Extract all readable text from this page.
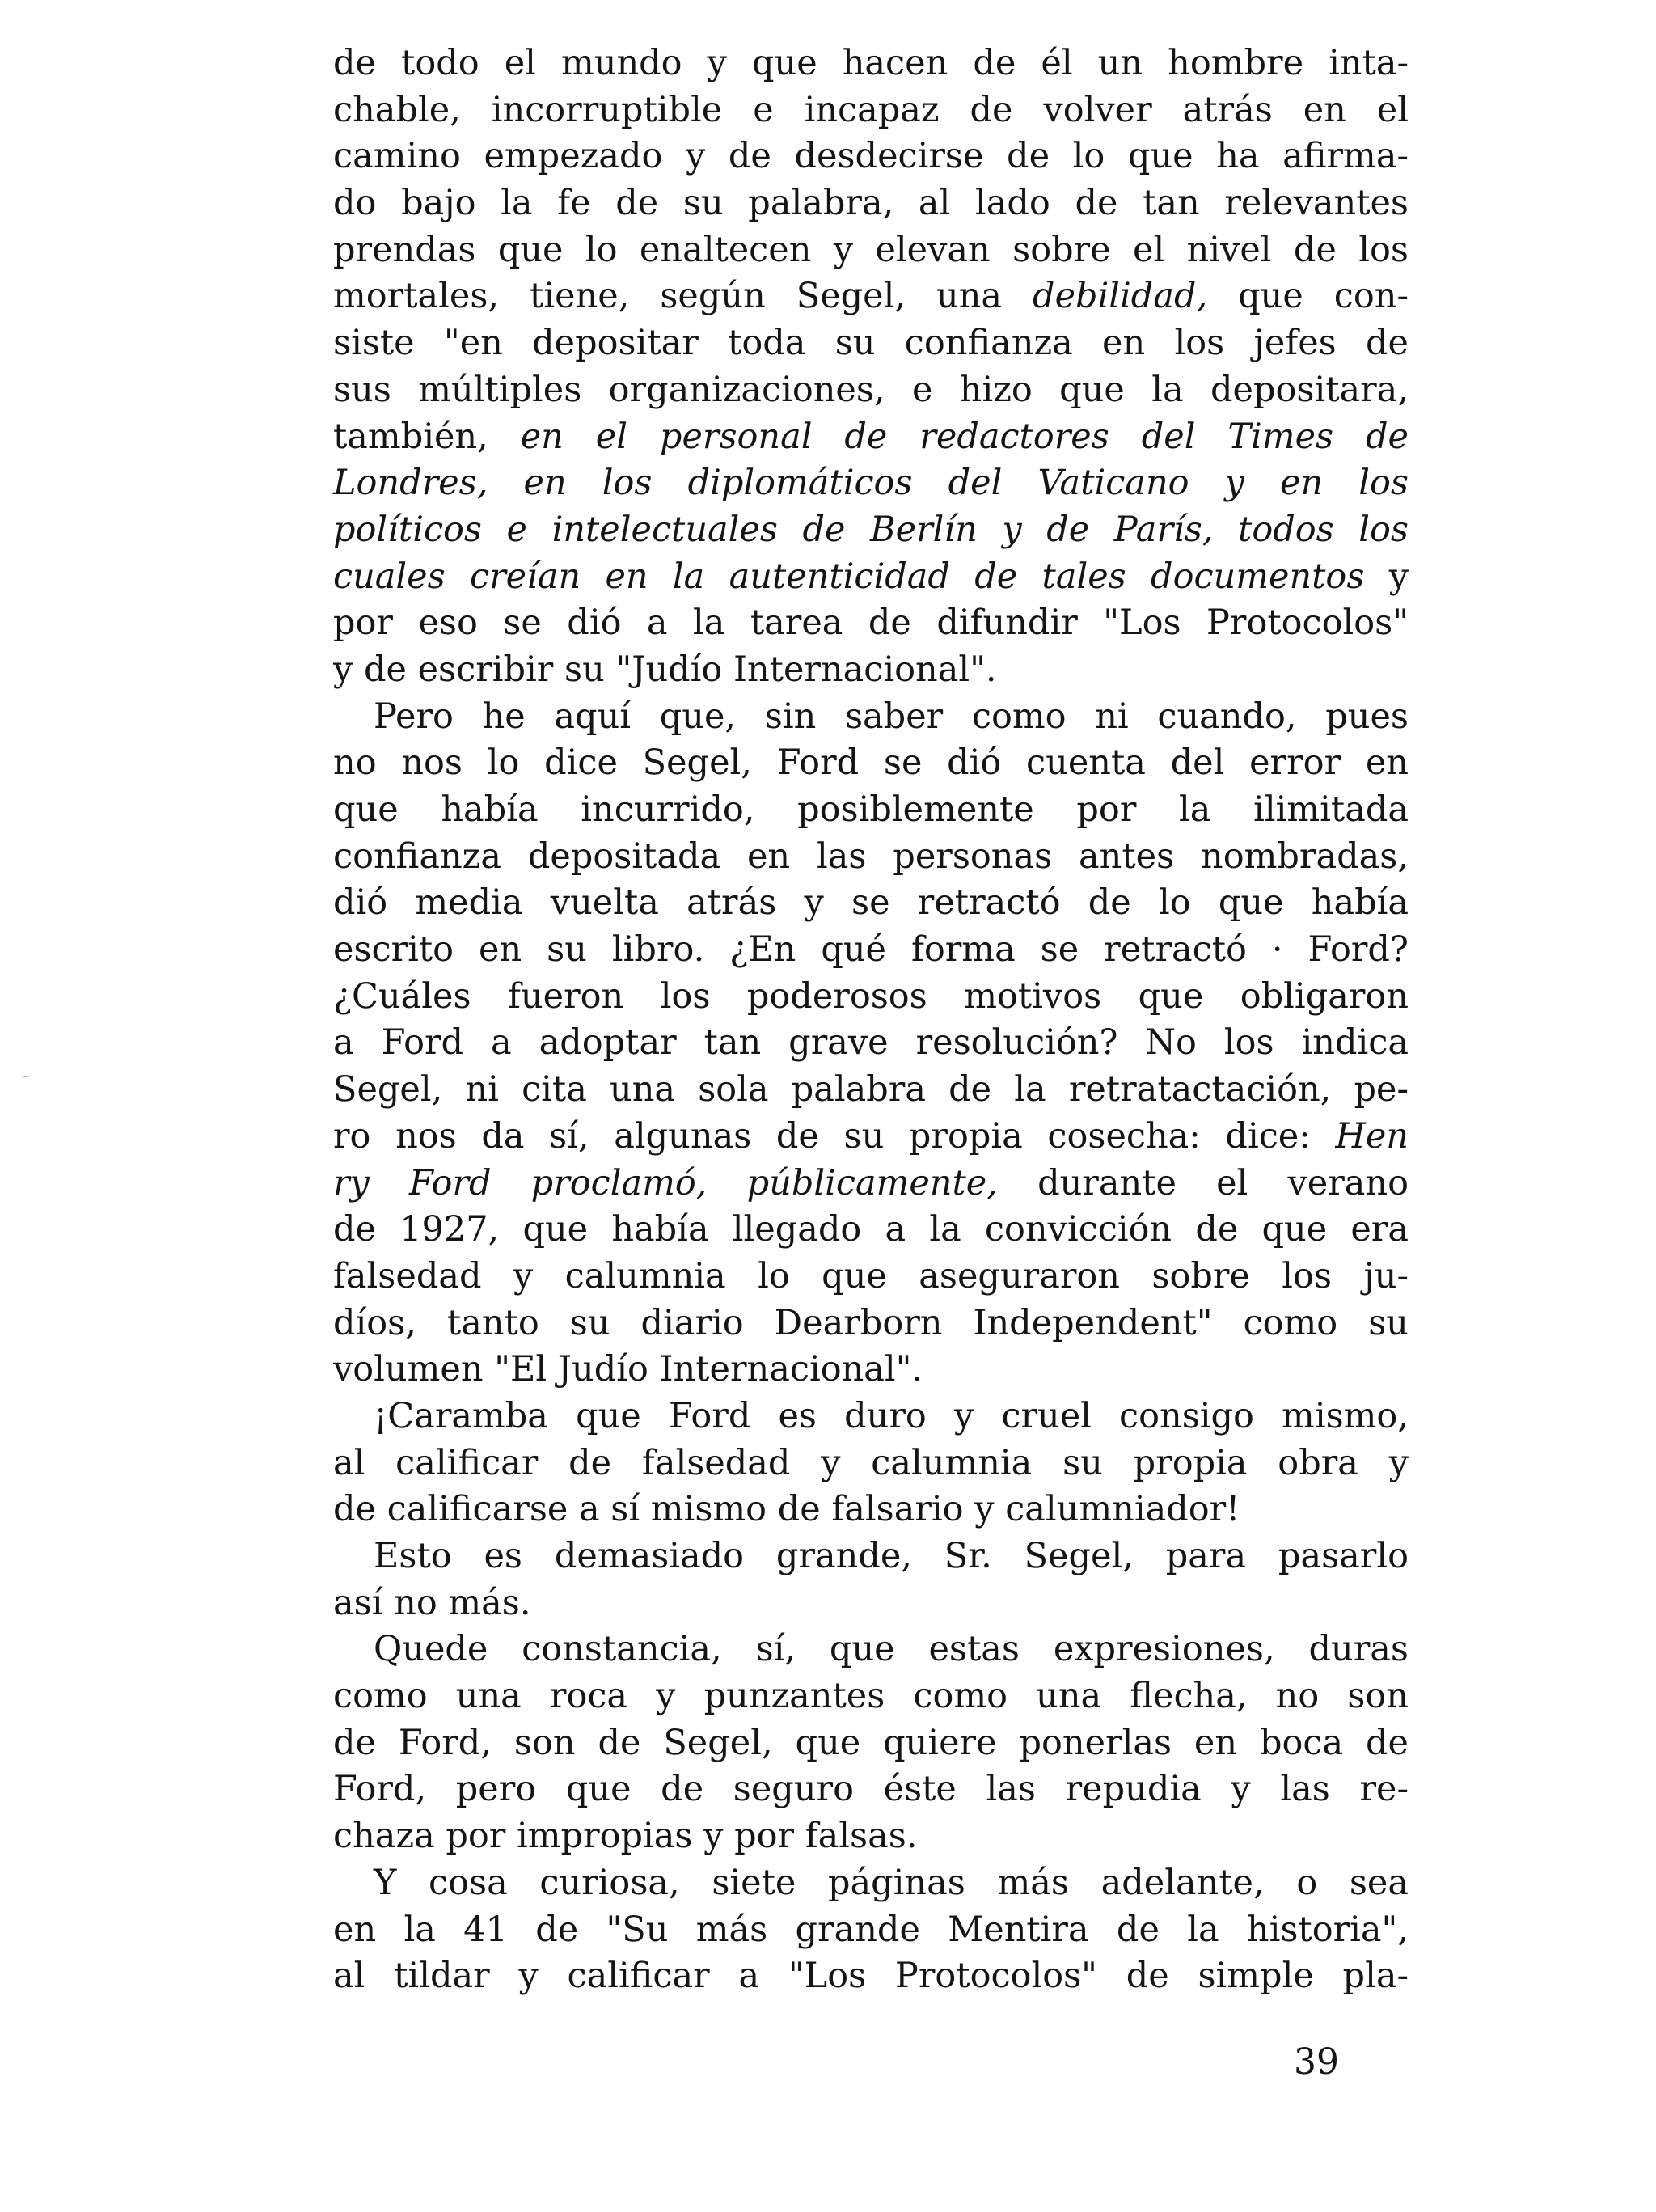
de todo el mundo y que hacen de él un hombre inta-
chable, incorruptible e incapaz de volver atrás en el
camino empezado y de desdecirse de lo que ha afirma-
do bajo la fe de su palabra, al lado de tan relevantes
prendas que lo enaltecen y elevan sobre el nivel de los
mortales, tiene, según Segel, una debilidad, que con-
siste "en depositar toda su confianza en los jefes de
sus múltiples organizaciones, e hizo que la depositara,
también, en el personal de redactores del Times de
Londres, en los diplomáticos del Vaticano y en los
políticos e intelectuales de Berlín y de París, todos los
cuales creían en la autenticidad de tales documentos y
por eso se dió a la tarea de difundir "Los Protocolos"
y de escribir su "Judío Internacional".
Pero he aquí que, sin saber como ni cuando, pues
no nos lo dice Segel, Ford se dió cuenta del error en
que había incurrido, posiblemente por la ilimitada
confianza depositada en las personas antes nombradas,
dió media vuelta atrás y se retractó de lo que había
escrito en su libro. ¿En qué forma se retractó · Ford?
¿Cuáles fueron los poderosos motivos que obligaron
a Ford a adoptar tan grave resolución? No los indica
Segel, ni cita una sola palabra de la retratactación, pe-
ro nos da sí, algunas de su propia cosecha: dice: Hen
ry Ford proclamó, públicamente, durante el verano
de 1927, que había llegado a la convicción de que era
falsedad y calumnia lo que aseguraron sobre los ju-
díos, tanto su diario Dearborn Independent" como su
volumen "El Judío Internacional".
¡Caramba que Ford es duro y cruel consigo mismo,
al calificar de falsedad y calumnia su propia obra y
de calificarse a sí mismo de falsario y calumniador!
Esto es demasiado grande, Sr. Segel, para pasarlo
así no más.
Quede constancia, sí, que estas expresiones, duras
como una roca y punzantes como una flecha, no son
de Ford, son de Segel, que quiere ponerlas en boca de
Ford, pero que de seguro éste las repudia y las re-
chaza por impropias y por falsas.
Y cosa curiosa, siete páginas más adelante, o sea
en la 41 de "Su más grande Mentira de la historia",
al tildar y calificar a "Los Protocolos" de simple pla-
39
